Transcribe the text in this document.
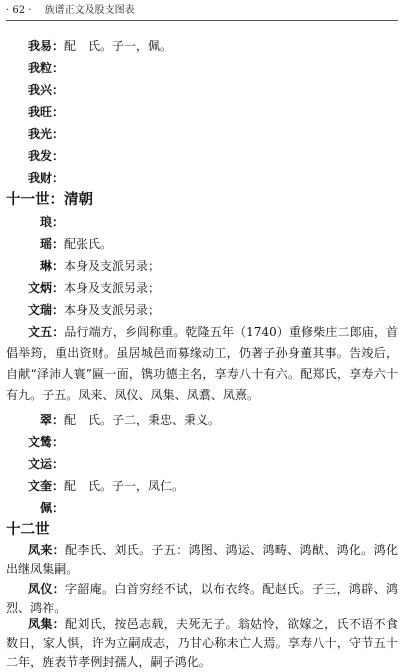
· 62 · 族谱正文及股支图表
我易：配　氏。子一，佩。
我粒：
我兴：
我旺：
我光：
我发：
我财：
十一世：清朝
琅：
瑶：配张氏。
琳：本身及支派另录；
文炳：本身及支派另录；
文瑞：本身及支派另录；
文五：品行端方，乡闾称重。乾隆五年（1740）重修柴庄二郎庙，首倡举筠，重出资财。虽居城邑而募缘动工，仍著子孙身董其事。告竣后，自献“泽沛人寰”匾一面，镌功德主名，享寿八十有六。配郑氏，享寿六十有九。子五。凤来、凤仪、凤集、凤翥、凤熹。
翠：配　氏。子二，秉忠、秉义。
文鸶：
文运：
文奎：配　氏。子一，凤仁。
佩：
十二世
凤来：配李氏、刘氏。子五：鸿图、鸿运、鸿畴、鸿猷、鸿化。鸿化出继凤集嗣。
凤仪：字韶庵。白首穷经不试，以布衣终。配赵氏。子三，鸿辟、鸿烈、鸿祚。
凤集：配刘氏，按邑志载，夫死无子。翁姑怜，欲嫁之，氏不语不食数日，家人惧，许为立嗣成志，乃甘心称未亡人焉。享寿八十，守节五十二年，旌表节孝例封孺人，嗣子鸿化。
